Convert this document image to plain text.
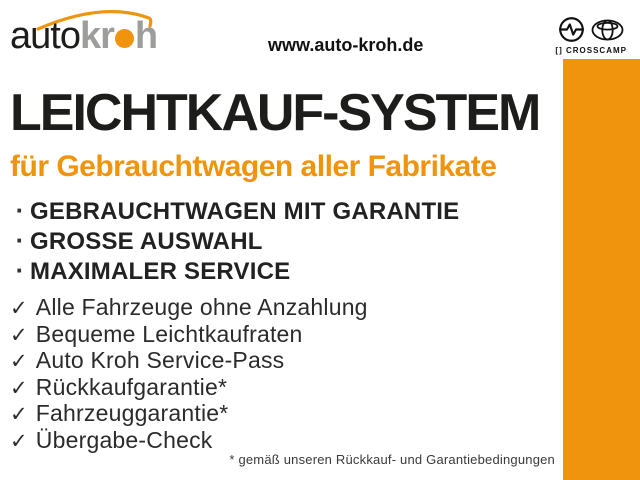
autokr h	www.auto-kroh.de	[] CROSSCAMP
LEICHTKAUF-SYSTEM
für Gebrauchtwagen aller Fabrikate
· GEBRAUCHTWAGEN MIT GARANTIE
· GROSSE AUSWAHL
· MAXIMALER SERVICE
✓ Alle Fahrzeuge ohne Anzahlung
✓ Bequeme Leichtkaufraten
✓ Auto Kroh Service-Pass
✓ Rückkaufgarantie*
✓ Fahrzeuggarantie*
✓ Übergabe-Check
* gemäß unseren Rückkauf- und Garantiebedingungen
